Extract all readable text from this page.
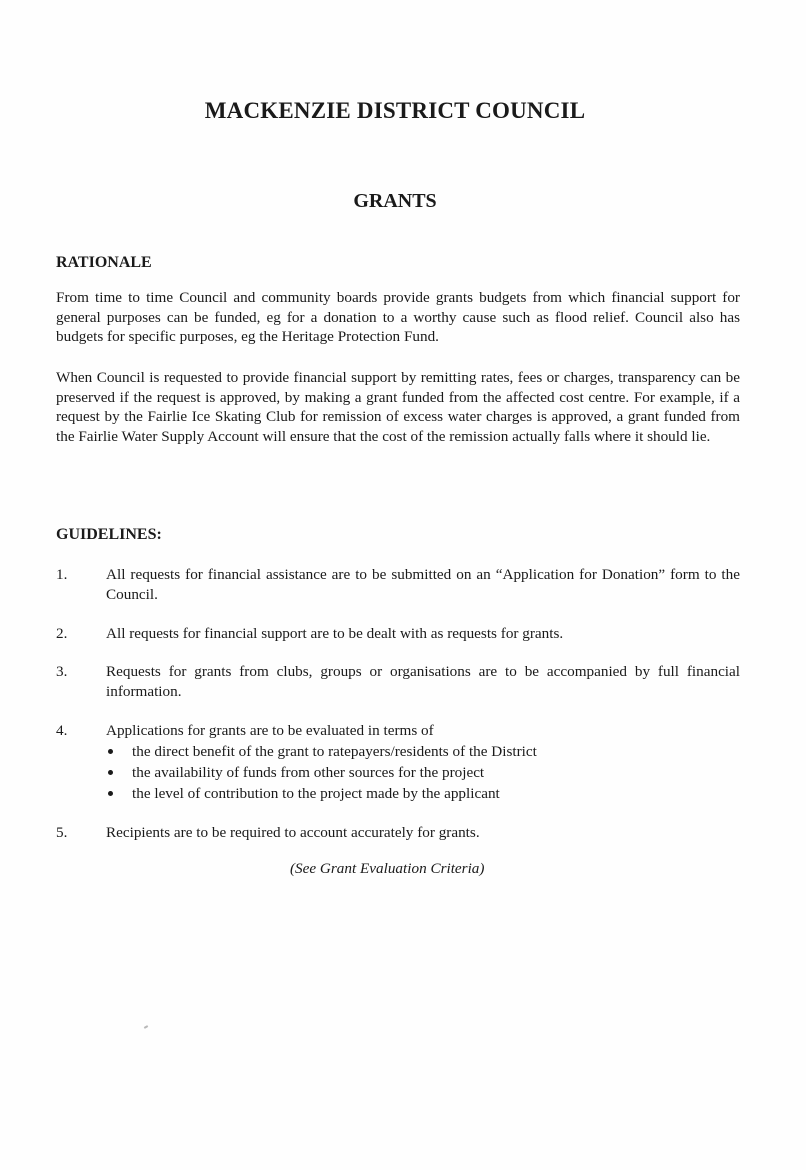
MACKENZIE DISTRICT COUNCIL
GRANTS
RATIONALE
From time to time Council and community boards provide grants budgets from which financial support for general purposes can be funded, eg for a donation to a worthy cause such as flood relief. Council also has budgets for specific purposes, eg the Heritage Protection Fund.
When Council is requested to provide financial support by remitting rates, fees or charges, transparency can be preserved if the request is approved, by making a grant funded from the affected cost centre. For example, if a request by the Fairlie Ice Skating Club for remission of excess water charges is approved, a grant funded from the Fairlie Water Supply Account will ensure that the cost of the remission actually falls where it should lie.
GUIDELINES:
1.	All requests for financial assistance are to be submitted on an “Application for Donation” form to the Council.
2.	All requests for financial support are to be dealt with as requests for grants.
3.	Requests for grants from clubs, groups or organisations are to be accompanied by full financial information.
4.	Applications for grants are to be evaluated in terms of
the direct benefit of the grant to ratepayers/residents of the District
the availability of funds from other sources for the project
the level of contribution to the project made by the applicant
5.	Recipients are to be required to account accurately for grants.
(See Grant Evaluation Criteria)
